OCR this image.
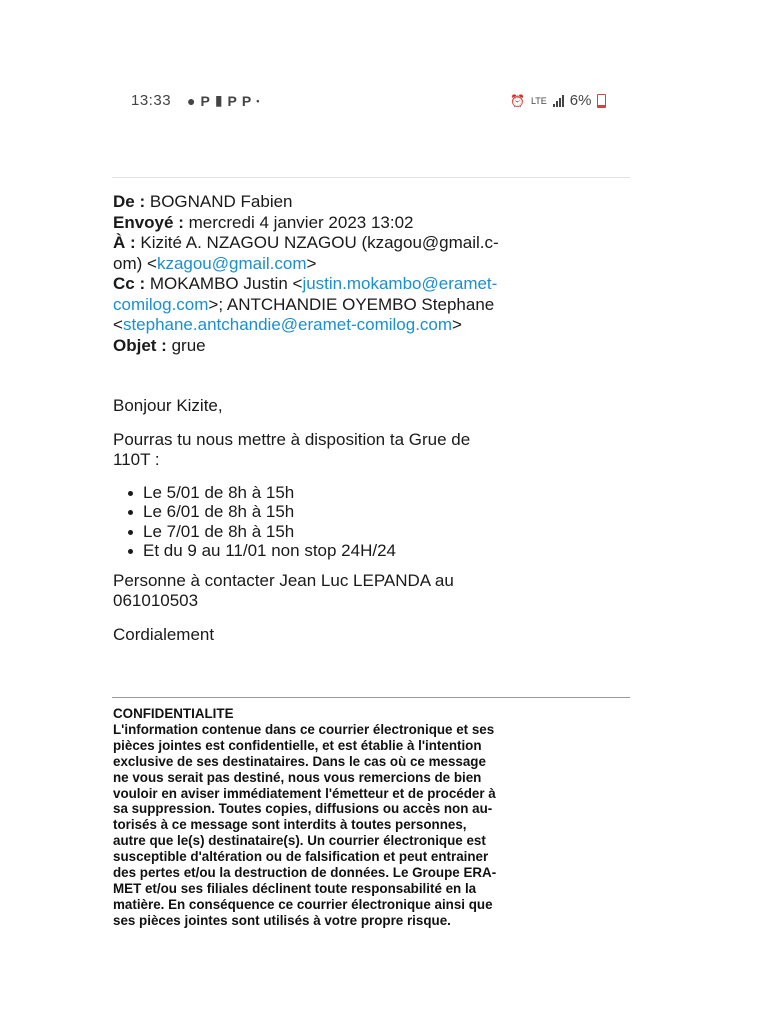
13:33 ● P ▮ P P •	⏰ LTE 6%
De : BOGNAND Fabien
Envoyé : mercredi 4 janvier 2023 13:02
À : Kizité A. NZAGOU NZAGOU (kzagou@gmail.c-
om) <kzagou@gmail.com>
Cc : MOKAMBO Justin <justin.mokambo@eramet-
comilog.com>; ANTCHANDIE OYEMBO Stephane
<stephane.antchandie@eramet-comilog.com>
Objet : grue

Bonjour Kizite,

Pourras tu nous mettre à disposition ta Grue de

110T :

Le 5/01 de 8h à 15h
Le 6/01 de 8h à 15h
Le 7/01 de 8h à 15h
Et du 9 au 11/01 non stop 24H/24

Personne à contacter Jean Luc LEPANDA au

061010503

Cordialement

CONFIDENTIALITE
L'information contenue dans ce courrier électronique et ses
pièces jointes est confidentielle, et est établie à l'intention
exclusive de ses destinataires. Dans le cas où ce message
ne vous serait pas destiné, nous vous remercions de bien
vouloir en aviser immédiatement l'émetteur et de procéder à
sa suppression. Toutes copies, diffusions ou accès non au-
torisés à ce message sont interdits à toutes personnes,
autre que le(s) destinataire(s). Un courrier électronique est
susceptible d'altération ou de falsification et peut entrainer
des pertes et/ou la destruction de données. Le Groupe ERA-
MET et/ou ses filiales déclinent toute responsabilité en la
matière. En conséquence ce courrier électronique ainsi que
ses pièces jointes sont utilisés à votre propre risque.
